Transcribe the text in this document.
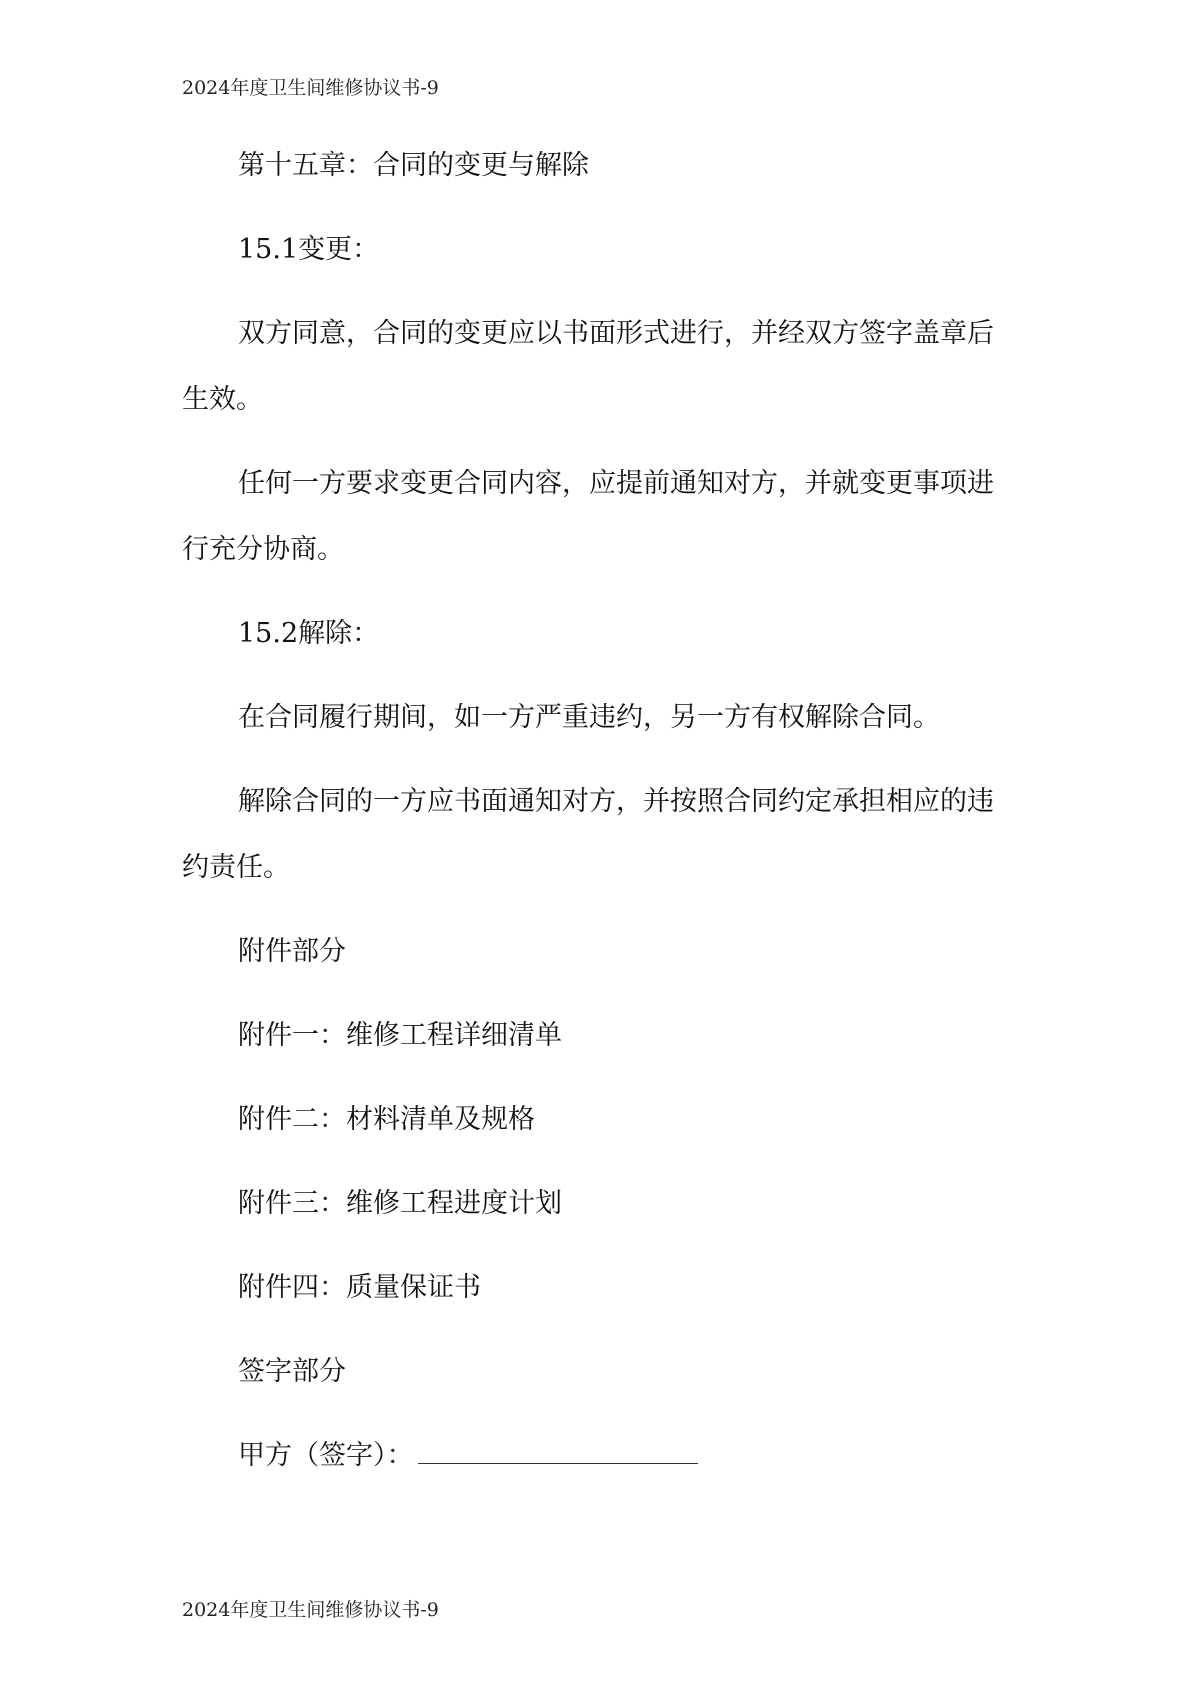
2024年度卫生间维修协议书-9

第十五章：合同的变更与解除

15.1变更：

双方同意，合同的变更应以书面形式进行，并经双方签字盖章后生效。

任何一方要求变更合同内容，应提前通知对方，并就变更事项进行充分协商。

15.2解除：

在合同履行期间，如一方严重违约，另一方有权解除合同。

解除合同的一方应书面通知对方，并按照合同约定承担相应的违约责任。

附件部分

附件一：维修工程详细清单

附件二：材料清单及规格

附件三：维修工程进度计划

附件四：质量保证书

签字部分

甲方（签字）：

2024年度卫生间维修协议书-9
